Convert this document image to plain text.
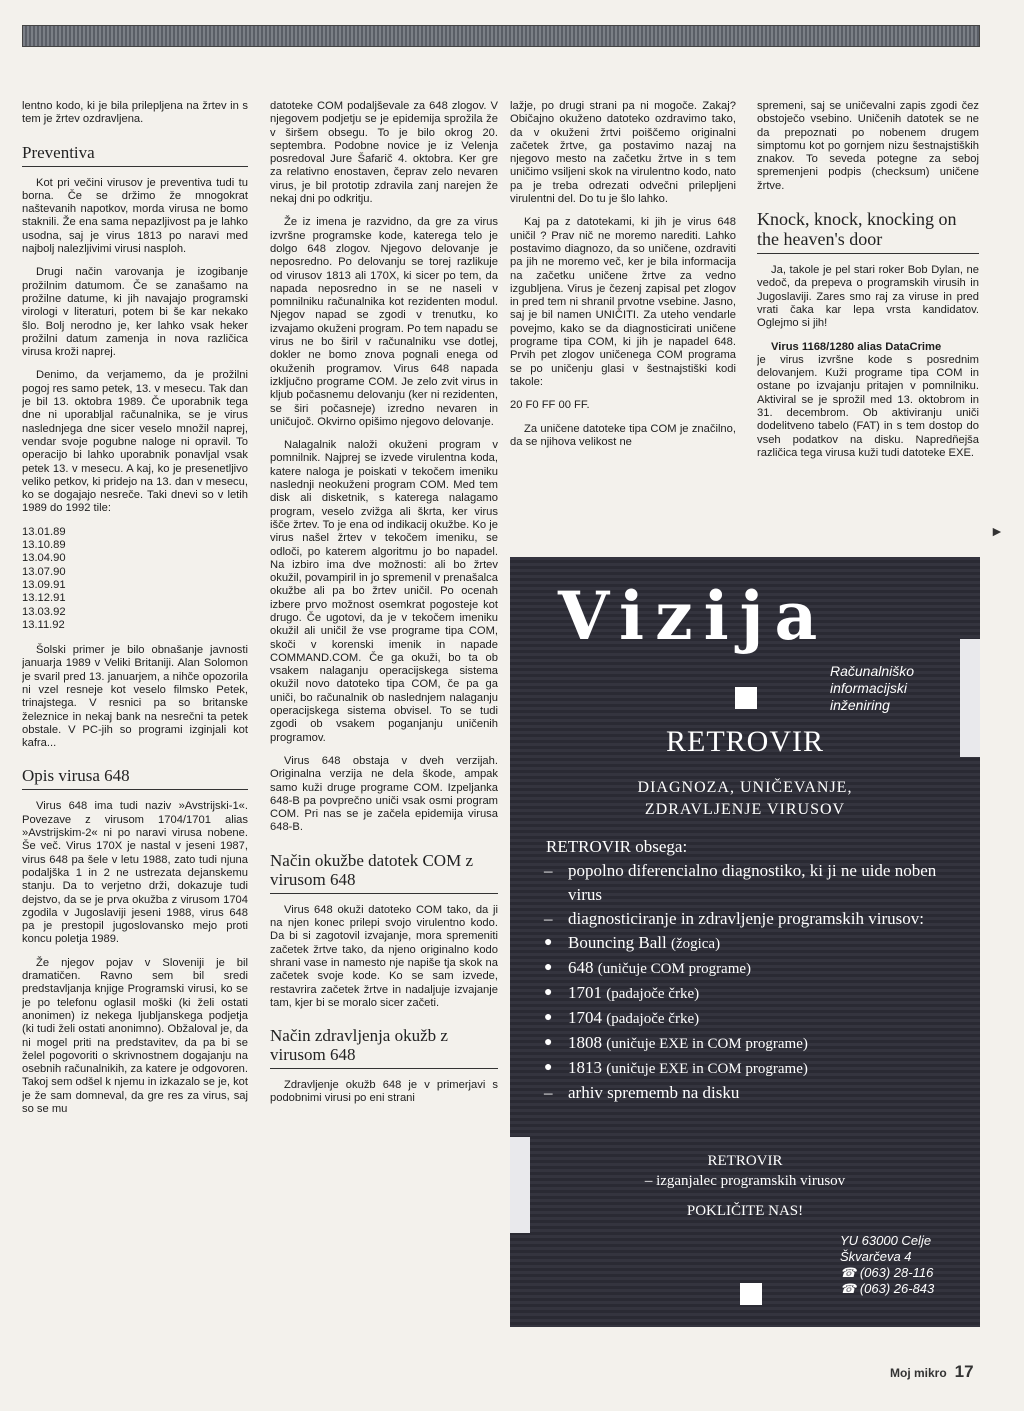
lentno kodo, ki je bila prilepljena na žrtev in s tem je žrtev ozdravljena.

Preventiva

Kot pri večini virusov je preventiva tudi tu borna. Če se držimo že mnogokrat naštevanih napotkov, morda virusa ne bomo staknili. Že ena sama nepazljivost pa je lahko usodna, saj je virus 1813 po naravi med najbolj nalezljivimi virusi nasploh.

Drugi način varovanja je izogibanje prožilnim datumom. Če se zanašamo na prožilne datume, ki jih navajajo programski virologi v literaturi, potem bi še kar nekako šlo. Bolj nerodno je, ker lahko vsak heker prožilni datum zamenja in nova različica virusa kroži naprej.

Denimo, da verjamemo, da je prožilni pogoj res samo petek, 13. v mesecu. Tak dan je bil 13. oktobra 1989. Če uporabnik tega dne ni uporabljal računalnika, se je virus naslednjega dne sicer veselo množil naprej, vendar svoje pogubne naloge ni opravil. To operacijo bi lahko uporabnik ponavljal vsak petek 13. v mesecu. A kaj, ko je presenetljivo veliko petkov, ki pridejo na 13. dan v mesecu, ko se dogajajo nesreče. Taki dnevi so v letih 1989 do 1992 tile:

13.01.89
13.10.89
13.04.90
13.07.90
13.09.91
13.12.91
13.03.92
13.11.92

Šolski primer je bilo obnašanje javnosti januarja 1989 v Veliki Britaniji. Alan Solomon je svaril pred 13. januarjem, a nihče opozorila ni vzel resneje kot veselo filmsko Petek, trinajstega. V resnici pa so britanske železnice in nekaj bank na nesrečni ta petek obstale. V PC-jih so programi izginjali kot kafra...

Opis virusa 648

Virus 648 ima tudi naziv »Avstrijski-1«. Povezave z virusom 1704/1701 alias »Avstrijskim-2« ni po naravi virusa nobene. Še več. Virus 170X je nastal v jeseni 1987, virus 648 pa šele v letu 1988, zato tudi njuna podaljška 1 in 2 ne ustrezata dejanskemu stanju. Da to verjetno drži, dokazuje tudi dejstvo, da se je prva okužba z virusom 1704 zgodila v Jugoslaviji jeseni 1988, virus 648 pa je prestopil jugoslovansko mejo proti koncu poletja 1989.

Že njegov pojav v Sloveniji je bil dramatičen. Ravno sem bil sredi predstavljanja knjige Programski virusi, ko se je po telefonu oglasil moški (ki želi ostati anonimen) iz nekega ljubljanskega podjetja (ki tudi želi ostati anonimno). Obžaloval je, da ni mogel priti na predstavitev, da pa bi se želel pogovoriti o skrivnostnem dogajanju na osebnih računalnikih, za katere je odgovoren. Takoj sem odšel k njemu in izkazalo se je, kot je že sam domneval, da gre res za virus, saj so se mu

datoteke COM podaljševale za 648 zlogov. V njegovem podjetju se je epidemija sprožila že v širšem obsegu. To je bilo okrog 20. septembra. Podobne novice je iz Velenja posredoval Jure Šafarič 4. oktobra. Ker gre za relativno enostaven, čeprav zelo nevaren virus, je bil prototip zdravila zanj narejen že nekaj dni po odkritju.

Že iz imena je razvidno, da gre za virus izvršne programske kode, katerega telo je dolgo 648 zlogov. Njegovo delovanje je neposredno. Po delovanju se torej razlikuje od virusov 1813 ali 170X, ki sicer po tem, da napada neposredno in se ne naseli v pomnilniku računalnika kot rezidenten modul. Njegov napad se zgodi v trenutku, ko izvajamo okuženi program. Po tem napadu se virus ne bo širil v računalniku vse dotlej, dokler ne bomo znova pognali enega od okuženih programov. Virus 648 napada izključno programe COM. Je zelo zvit virus in kljub počasnemu delovanju (ker ni rezidenten, se širi počasneje) izredno nevaren in uničujoč. Okvirno opišimo njegovo delovanje.

Nalagalnik naloži okuženi program v pomnilnik. Najprej se izvede virulentna koda, katere naloga je poiskati v tekočem imeniku naslednji neokuženi program COM. Med tem disk ali disketnik, s katerega nalagamo program, veselo zvižga ali škrta, ker virus išče žrtev. To je ena od indikacij okužbe. Ko je virus našel žrtev v tekočem imeniku, se odloči, po katerem algoritmu jo bo napadel. Na izbiro ima dve možnosti: ali bo žrtev okužil, povampiril in jo spremenil v prenašalca okužbe ali pa bo žrtev uničil. Po ocenah izbere prvo možnost osemkrat pogosteje kot drugo. Če ugotovi, da je v tekočem imeniku okužil ali uničil že vse programe tipa COM, skoči v korenski imenik in napade COMMAND.COM. Če ga okuži, bo ta ob vsakem nalaganju operacijskega sistema okužil novo datoteko tipa COM, če pa ga uniči, bo računalnik ob naslednjem nalaganju operacijskega sistema obvisel. To se tudi zgodi ob vsakem poganjanju uničenih programov.

Virus 648 obstaja v dveh verzijah. Originalna verzija ne dela škode, ampak samo kuži druge programe COM. Izpeljanka 648-B pa povprečno uniči vsak osmi program COM. Pri nas se je začela epidemija virusa 648-B.

Način okužbe datotek COM z virusom 648

Virus 648 okuži datoteko COM tako, da ji na njen konec prilepi svojo virulentno kodo. Da bi si zagotovil izvajanje, mora spremeniti začetek žrtve tako, da njeno originalno kodo shrani vase in namesto nje napiše tja skok na začetek svoje kode. Ko se sam izvede, restavrira začetek žrtve in nadaljuje izvajanje tam, kjer bi se moralo sicer začeti.

Način zdravljenja okužb z virusom 648

Zdravljenje okužb 648 je v primerjavi s podobnimi virusi po eni strani

lažje, po drugi strani pa ni mogoče. Zakaj? Običajno okuženo datoteko ozdravimo tako, da v okuženi žrtvi poiščemo originalni začetek žrtve, ga postavimo nazaj na njegovo mesto na začetku žrtve in s tem uničimo vsiljeni skok na virulentno kodo, nato pa je treba odrezati odvečni prilepljeni virulentni del. Do tu je šlo lahko.

Kaj pa z datotekami, ki jih je virus 648 uničil ? Prav nič ne moremo narediti. Lahko postavimo diagnozo, da so uničene, ozdraviti pa jih ne moremo več, ker je bila informacija na začetku uničene žrtve za vedno izgubljena. Virus je čezenj zapisal pet zlogov in pred tem ni shranil prvotne vsebine. Jasno, saj je bil namen UNIČITI. Za uteho vendarle povejmo, kako se da diagnosticirati uničene programe tipa COM, ki jih je napadel 648. Prvih pet zlogov uničenega COM programa se po uničenju glasi v šestnajstiški kodi takole:

20 F0 FF 00 FF.

Za uničene datoteke tipa COM je značilno, da se njihova velikost ne

spremeni, saj se uničevalni zapis zgodi čez obstoječo vsebino. Uničenih datotek se ne da prepoznati po nobenem drugem simptomu kot po gornjem nizu šestnajstiških znakov. To seveda potegne za seboj spremenjeni podpis (checksum) uničene žrtve.

Knock, knock, knocking on the heaven's door

Ja, takole je pel stari roker Bob Dylan, ne vedoč, da prepeva o programskih virusih in Jugoslaviji. Zares smo raj za viruse in pred vrati čaka kar lepa vrsta kandidatov. Oglejmo si jih!

Virus 1168/1280 alias DataCrime

je virus izvršne kode s posrednim delovanjem. Kuži programe tipa COM in ostane po izvajanju pritajen v pomnilniku. Aktiviral se je sprožil med 13. oktobrom in 31. decembrom. Ob aktiviranju uniči dodelitveno tabelo (FAT) in s tem dostop do vseh podatkov na disku. Napredňejša različica tega virusa kuži tudi datoteke EXE.

►
Vizija
Računalniško
informacijski
inženiring
RETROVIR
DIAGNOZA, UNIČEVANJE,
ZDRAVLJENJE VIRUSOV
RETROVIR obsega:
– popolno diferencialno diagnostiko, ki ji ne uide noben virus
– diagnosticiranje in zdravljenje programskih virusov:
● Bouncing Ball (žogica)
● 648 (uničuje COM programe)
● 1701 (padajoče črke)
● 1704 (padajoče črke)
● 1808 (uničuje EXE in COM programe)
● 1813 (uničuje EXE in COM programe)
– arhiv sprememb na disku
RETROVIR
– izganjalec programskih virusov
POKLIČITE NAS!
YU 63000 Celje
Škvarčeva 4
☎ (063) 28-116
☎ (063) 26-843
Moj mikro 17
